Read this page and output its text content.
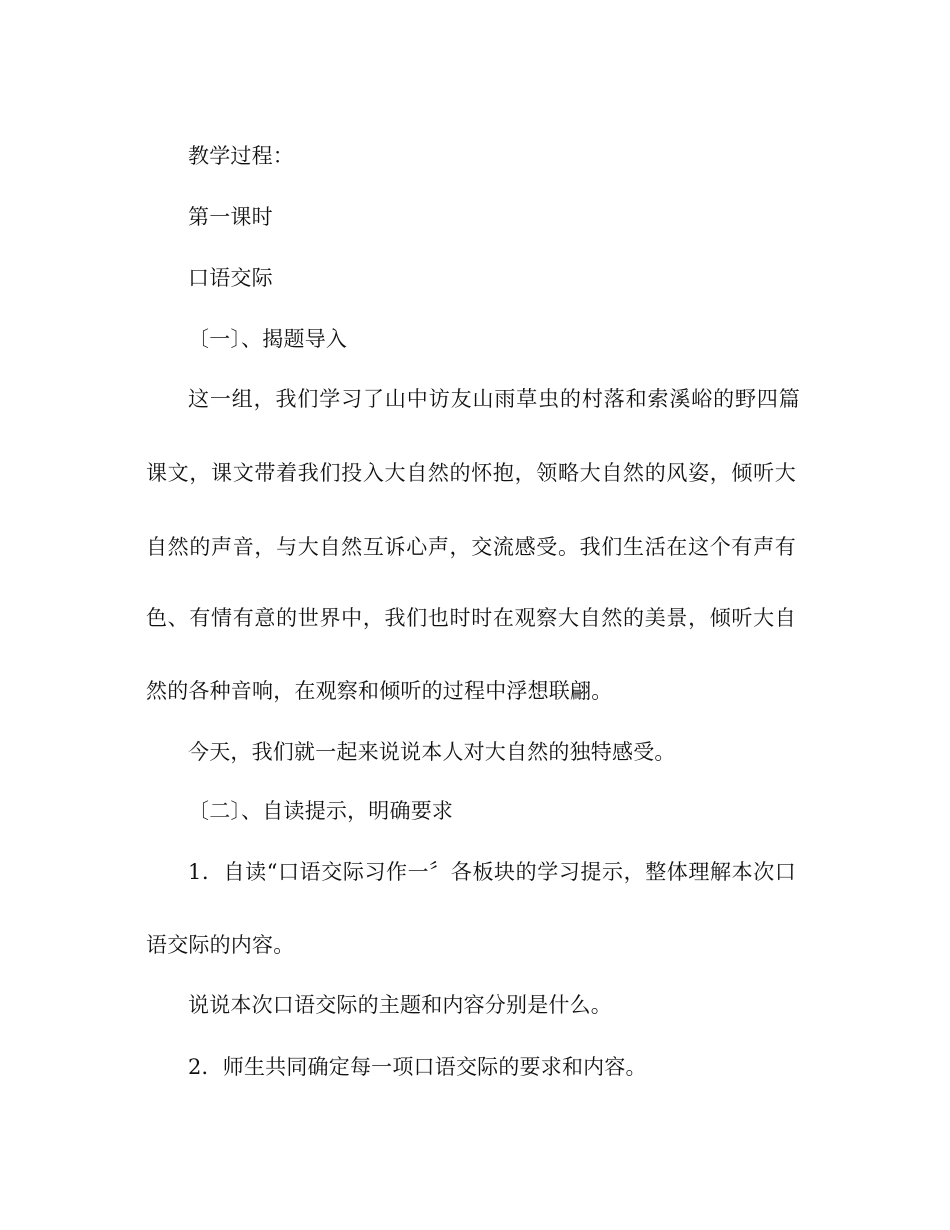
教学过程：
第一课时
口语交际
〔一〕、揭题导入
这一组，我们学习了山中访友山雨草虫的村落和索溪峪的野四篇
课文，课文带着我们投入大自然的怀抱，领略大自然的风姿，倾听大
自然的声音，与大自然互诉心声，交流感受。我们生活在这个有声有
色、有情有意的世界中，我们也时时在观察大自然的美景，倾听大自
然的各种音响，在观察和倾听的过程中浮想联翩。
今天，我们就一起来说说本人对大自然的独特感受。
〔二〕、自读提示，明确要求
1．自读“口语交际习作一〞各板块的学习提示，整体理解本次口
语交际的内容。
说说本次口语交际的主题和内容分别是什么。
2．师生共同确定每一项口语交际的要求和内容。
